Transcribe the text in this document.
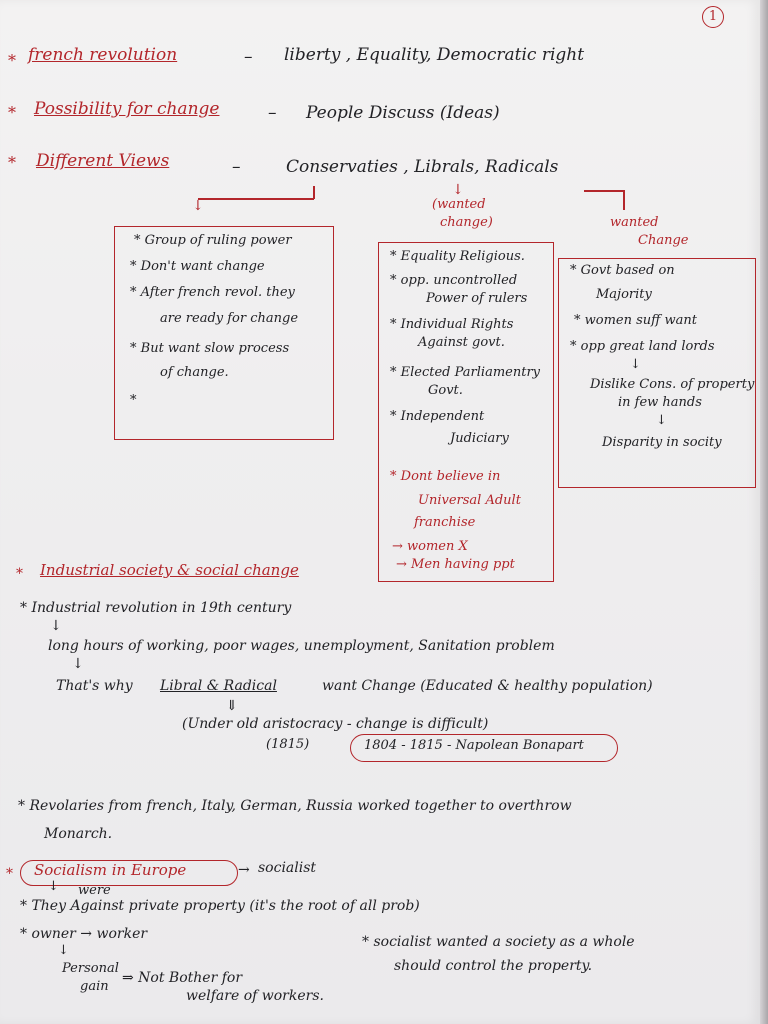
1
* french revolution	– liberty , Equality, Democratic right
* Possibility for change	– People Discuss (Ideas)
* Different Views	–	Conservaties , Librals, Radicals
↓
↓
(wanted
change)	wanted
Change
* Group of ruling power
* Don't want change
* After french revol. they
are ready for change
* But want slow process
of change.
*
* Equality Religious.
* opp. uncontrolled
Power of rulers
* Individual Rights
Against govt.
* Elected Parliamentry
Govt.
* Independent
Judiciary
* Dont believe in
Universal Adult
franchise
→ women X
→ Men having ppt
* Govt based on
Majority
* women suff want
* opp great land lords
↓
Dislike Cons. of property
in few hands
↓
Disparity in socity
* Industrial society & social change
* Industrial revolution in 19th century
↓
long hours of working, poor wages, unemployment, Sanitation problem
↓
That's why Libral & Radical	want Change (Educated & healthy population)
⇓
(Under old aristocracy - change is difficult)
(1815)	1804 - 1815 - Napolean Bonapart
* Revolaries from french, Italy, German, Russia worked together to overthrow
Monarch.
* Socialism in Europe	→ socialist
↓ were
* They Against private property (it's the root of all prob)
* owner → worker	* socialist wanted a society as a whole
should control the property.
↓
Personal
gain
⇒ Not Bother for
welfare of workers.
